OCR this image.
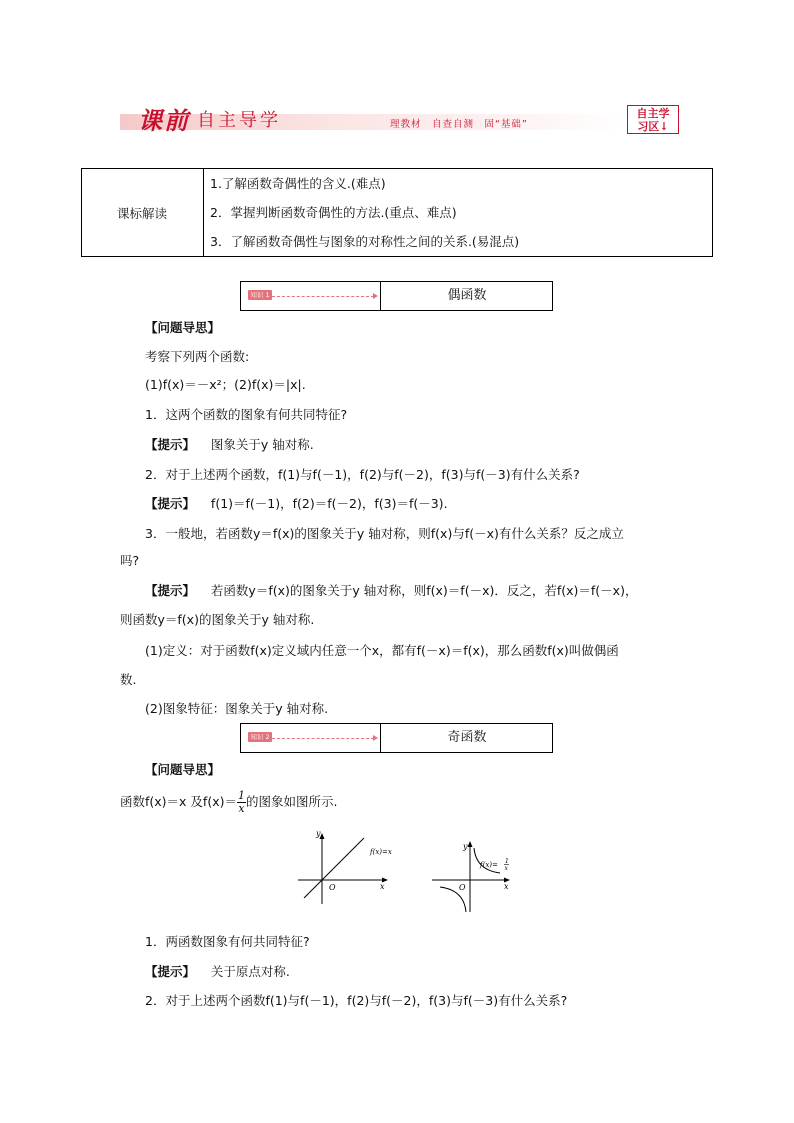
课前 自主导学	理教材　自查自测　固“基础”
自主学
习区↓
课标解读
1.了解函数奇偶性的含义.(难点)
2．掌握判断函数奇偶性的方法.(重点、难点)
3．了解函数奇偶性与图象的对称性之间的关系.(易混点)
知识 1	偶函数
【问题导思】
考察下列两个函数:
(1)f(x)＝－x²；(2)f(x)＝|x|.
1．这两个函数的图象有何共同特征?
【提示】 图象关于y 轴对称.
2．对于上述两个函数，f(1)与f(－1)，f(2)与f(－2)，f(3)与f(－3)有什么关系?
【提示】 f(1)＝f(－1)，f(2)＝f(－2)，f(3)＝f(－3).
3．一般地，若函数y＝f(x)的图象关于y 轴对称，则f(x)与f(－x)有什么关系？反之成立
吗?
【提示】 若函数y＝f(x)的图象关于y 轴对称，则f(x)＝f(－x)．反之，若f(x)＝f(－x)，
则函数y＝f(x)的图象关于y 轴对称.
(1)定义：对于函数f(x)定义域内任意一个x，都有f(－x)＝f(x)，那么函数f(x)叫做偶函
数.
(2)图象特征：图象关于y 轴对称.
知识 2	奇函数
【问题导思】
函数f(x)＝x 及$f(x)= \frac{1}{x}$ 的图象如图所示.
y
x
O
f(x)=x
y
x
O
f(x)= 1
x
1．两函数图象有何共同特征?
【提示】 关于原点对称.
2．对于上述两个函数f(1)与f(－1)，f(2)与f(－2)，f(3)与f(－3)有什么关系?
